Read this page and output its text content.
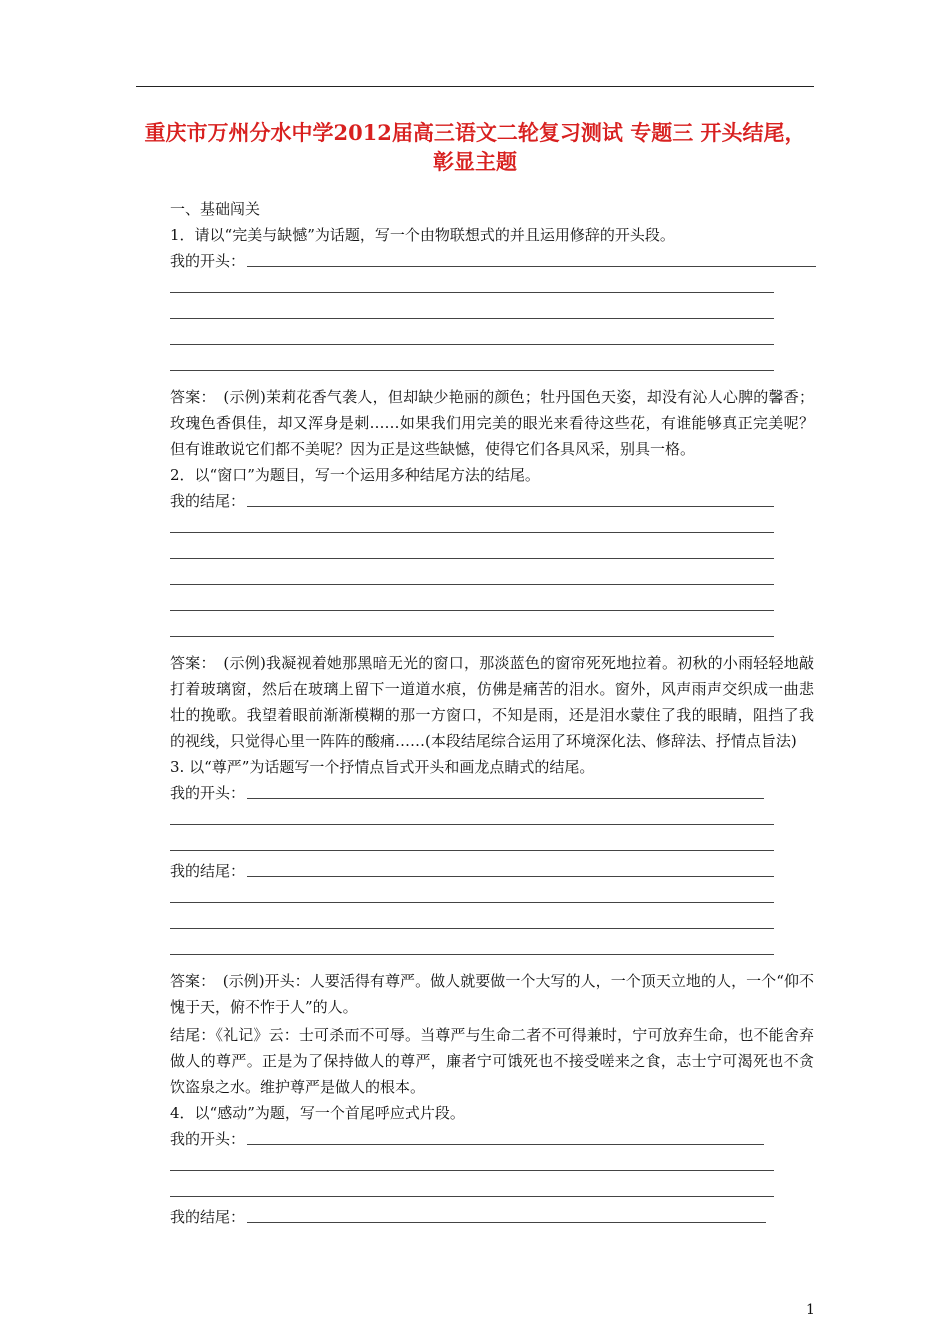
重庆市万州分水中学2012届高三语文二轮复习测试 专题三 开头结尾，彰显主题
一、基础闯关
1．请以“完美与缺憾”为话题，写一个由物联想式的并且运用修辞的开头段。
我的开头：

答案：　(示例)茉莉花香气袭人，但却缺少艳丽的颜色；牡丹国色天姿，却没有沁人心脾的馨香；玫瑰色香俱佳，却又浑身是刺……如果我们用完美的眼光来看待这些花，有谁能够真正完美呢？但有谁敢说它们都不美呢？因为正是这些缺憾，使得它们各具风采，别具一格。

2．以“窗口”为题目，写一个运用多种结尾方法的结尾。
我的结尾：

答案：　(示例)我凝视着她那黑暗无光的窗口，那淡蓝色的窗帘死死地拉着。初秋的小雨轻轻地敲打着玻璃窗，然后在玻璃上留下一道道水痕，仿佛是痛苦的泪水。窗外，风声雨声交织成一曲悲壮的挽歌。我望着眼前渐渐模糊的那一方窗口，不知是雨，还是泪水蒙住了我的眼睛，阻挡了我的视线，只觉得心里一阵阵的酸痛……(本段结尾综合运用了环境深化法、修辞法、抒情点旨法)

3. 以“尊严”为话题写一个抒情点旨式开头和画龙点睛式的结尾。
我的开头：
我的结尾：

答案：　(示例)开头：人要活得有尊严。做人就要做一个大写的人，一个顶天立地的人，一个“仰不愧于天，俯不怍于人”的人。

结尾：《礼记》云：士可杀而不可辱。当尊严与生命二者不可得兼时，宁可放弃生命，也不能舍弃做人的尊严。正是为了保持做人的尊严，廉者宁可饿死也不接受嗟来之食，志士宁可渴死也不贪饮盗泉之水。维护尊严是做人的根本。

4．以“感动”为题，写一个首尾呼应式片段。
我的开头：
我的结尾：
1
